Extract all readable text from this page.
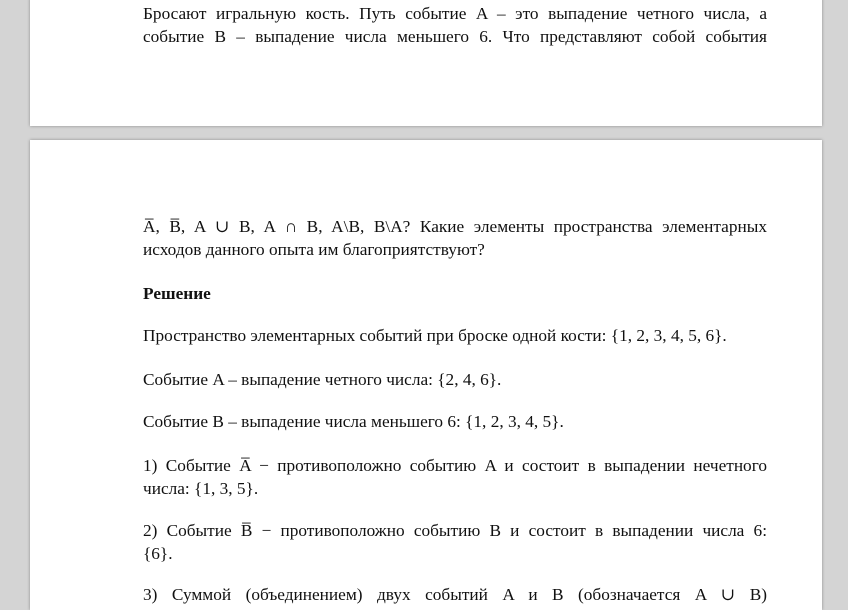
Бросают игральную кость. Путь событие A – это выпадение четного числа, а

событие B – выпадение числа меньшего 6. Что представляют собой события

A̅, B̅, A ∪ B, A ∩ B, A\B, B\A? Какие элементы пространства элементарных

исходов данного опыта им благоприятствуют?

Решение

Пространство элементарных событий при броске одной кости: {1, 2, 3, 4, 5, 6}.

Событие A – выпадение четного числа: {2, 4, 6}.

Событие B – выпадение числа меньшего 6: {1, 2, 3, 4, 5}.

1) Событие A̅ − противоположно событию A и состоит в выпадении нечетного

числа: {1, 3, 5}.

2) Событие B̅ − противоположно событию B и состоит в выпадении числа 6:

{6}.

3) Суммой (объединением) двух событий A и B (обозначается A ∪ B)
